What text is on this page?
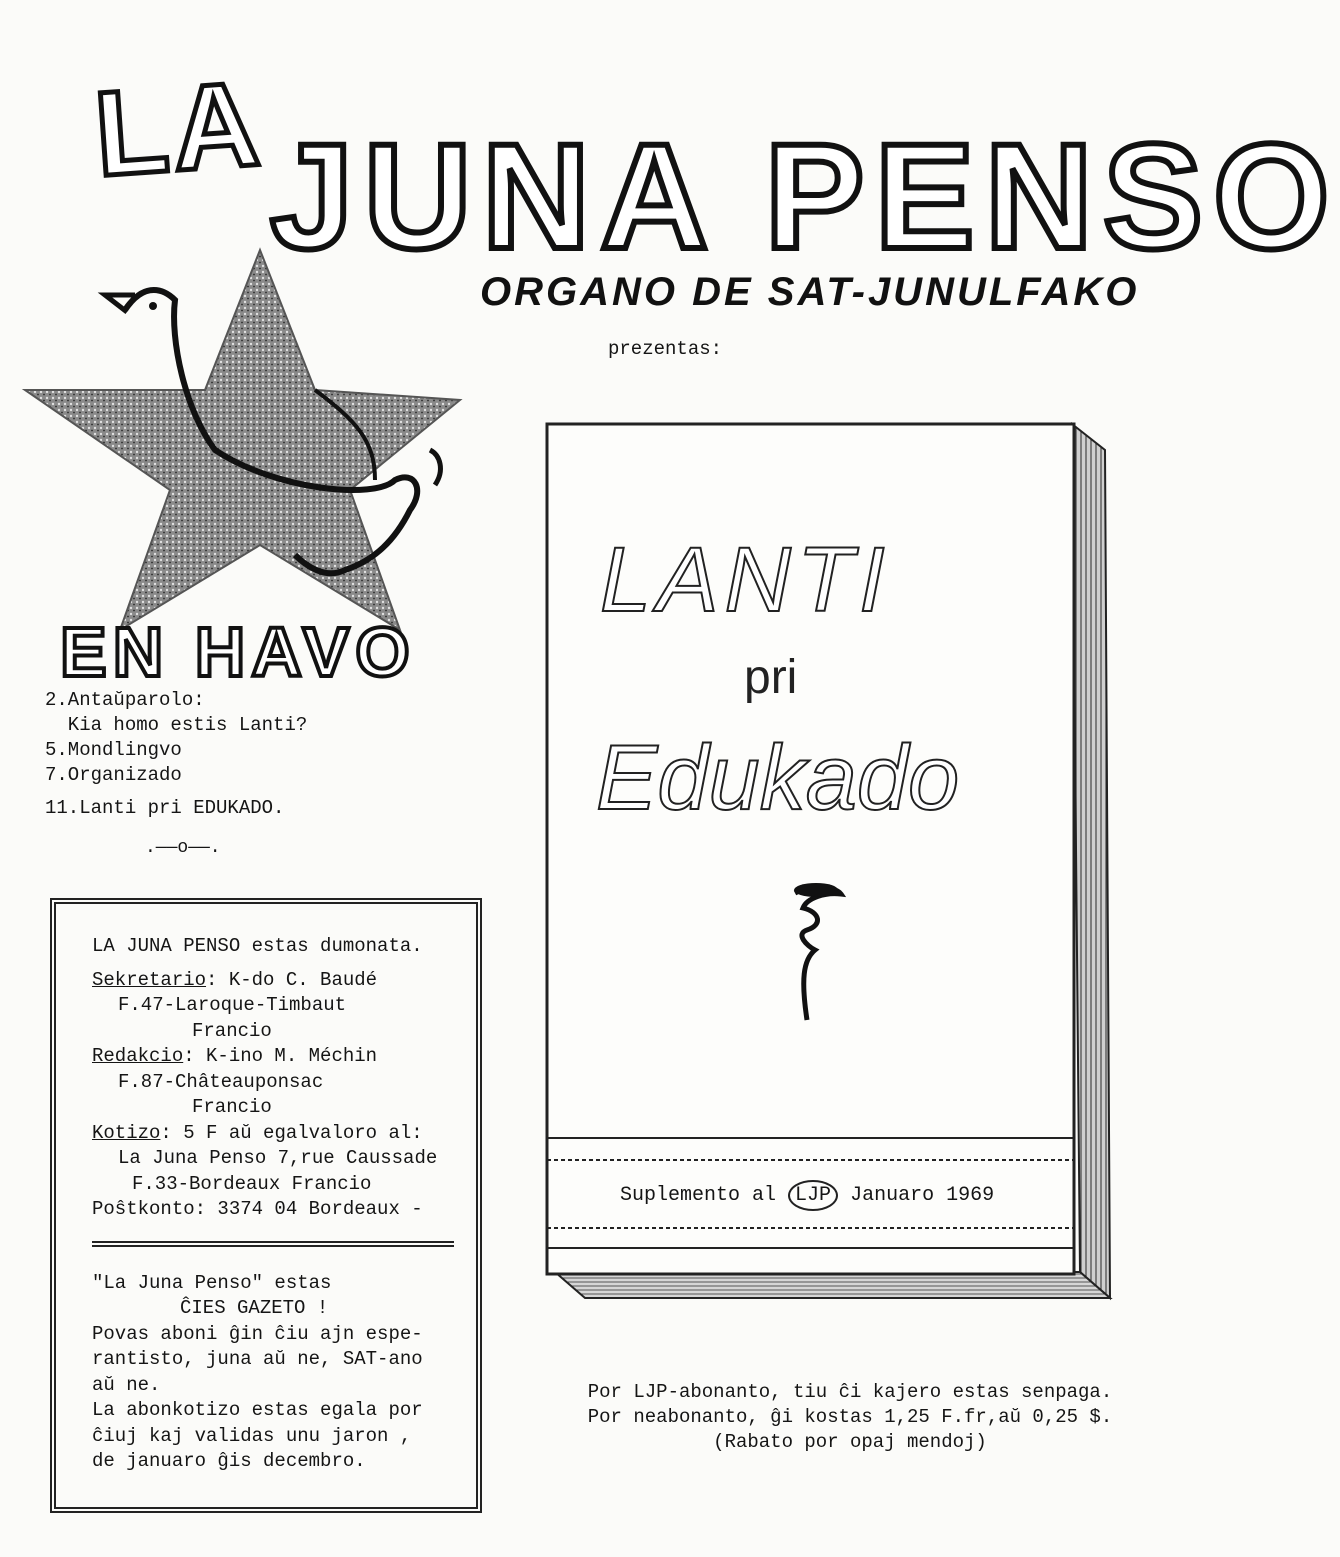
LA JUNA PENSO
ORGANO DE SAT-JUNULFAKO
prezentas:
EN HAVO
2.Antaŭparolo:
Kia homo estis Lanti?
5.Mondlingvo
7.Organizado
11.Lanti pri EDUKADO.
.——o——.
LA JUNA PENSO estas dumonata.
Sekretario: K-do C. Baudé
F.47-Laroque-Timbaut
Francio
Redakcio: K-ino M. Méchin
F.87-Châteauponsac
Francio
Kotizo: 5 F aŭ egalvaloro al:
La Juna Penso 7,rue Caussade
F.33-Bordeaux Francio
Poŝtkonto: 3374 04 Bordeaux -
"La Juna Penso" estas
ĈIES GAZETO !
Povas aboni ĝin ĉiu ajn espe-
rantisto, juna aŭ ne, SAT-ano
aŭ ne.
La abonkotizo estas egala por
ĉiuj kaj validas unu jaron ,
de januaro ĝis decembro.
LANTI
pri
Edukado
Suplemento al LJP Januaro 1969
Por LJP-abonanto, tiu ĉi kajero estas senpaga.
Por neabonanto, ĝi kostas 1,25 F.fr,aŭ 0,25 $.
(Rabato por opaj mendoj)
